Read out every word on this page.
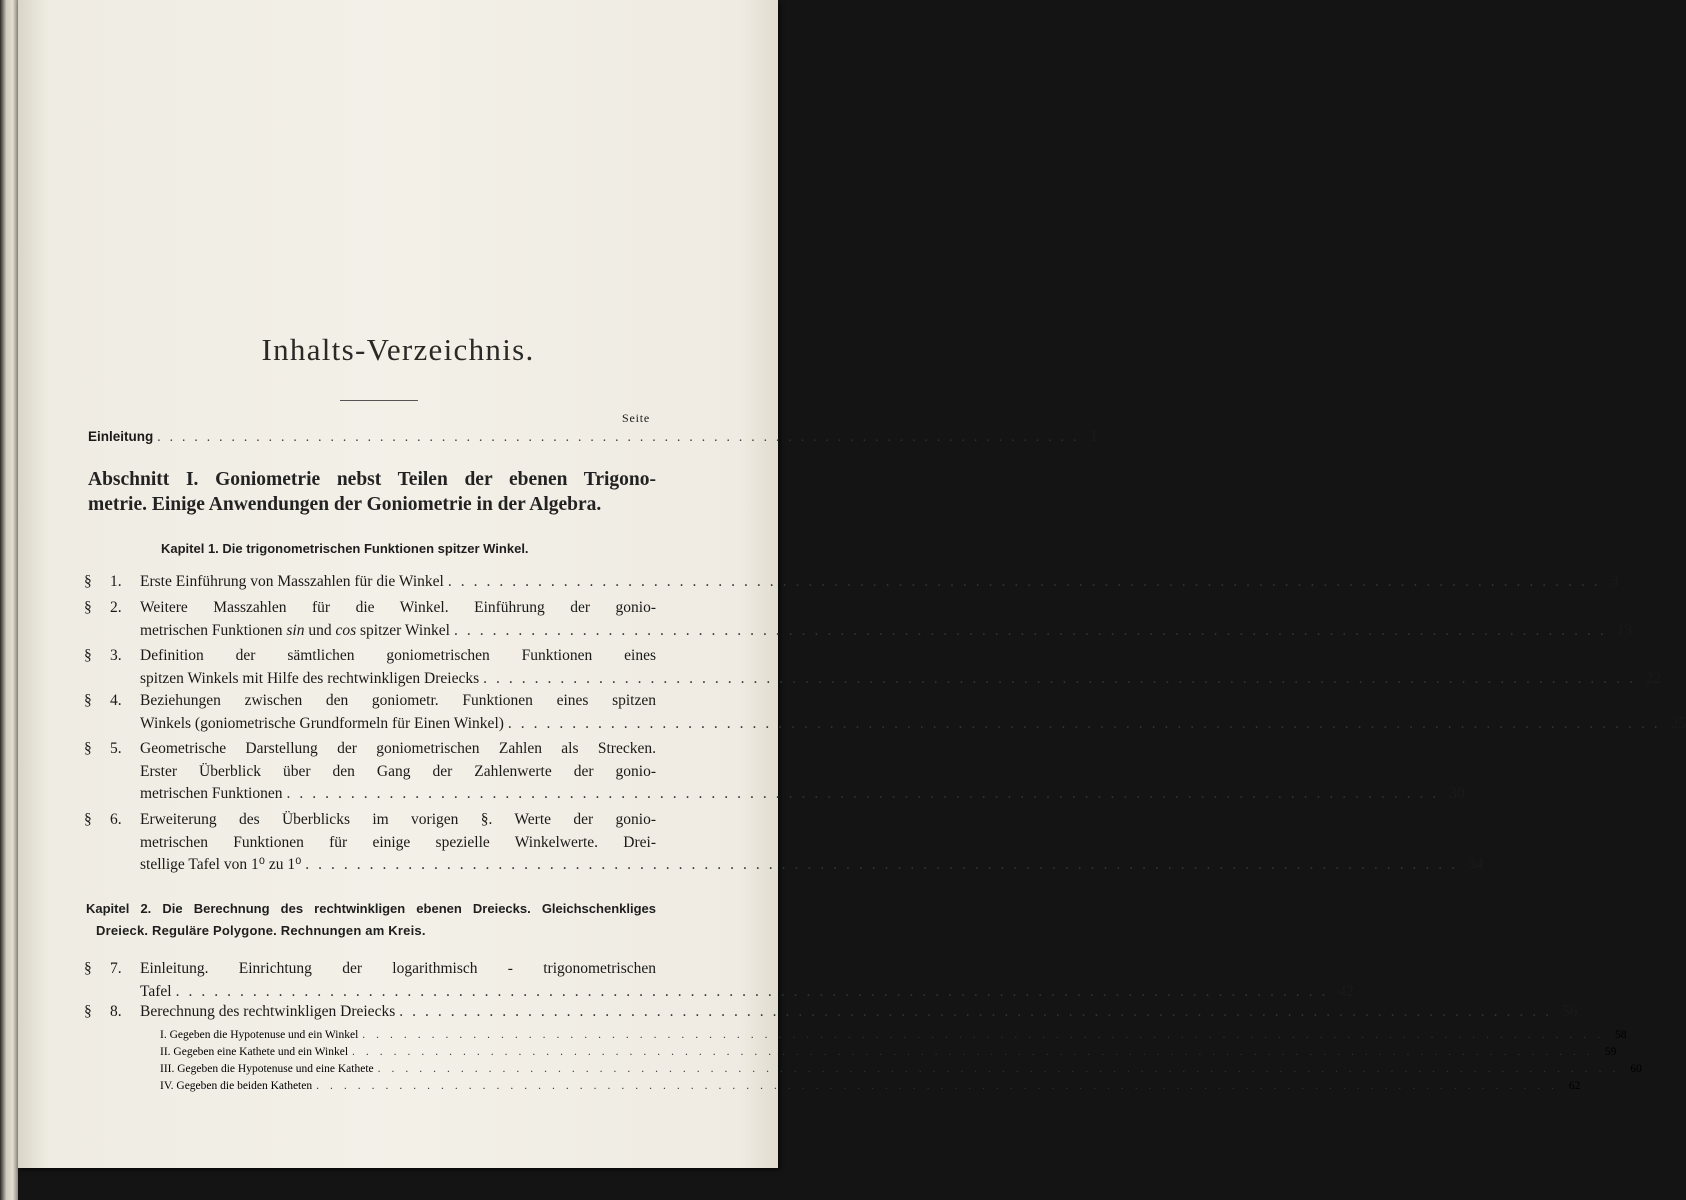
Inhalts-Verzeichnis.
Seite
Einleitung ........................................................................... 1
Abschnitt I. Goniometrie nebst Teilen der ebenen Trigono-
metrie. Einige Anwendungen der Goniometrie in der Algebra.
Kapitel 1. Die trigonometrischen Funktionen spitzer Winkel.
§	1.	Erste Einführung von Masszahlen für die Winkel .......................................................................................... 3
§	2.	Weitere Masszahlen für die Winkel. Einführung der gonio-
metrischen Funktionen sin und cos spitzer Winkel .......................................................................................... 13
§	3.	Definition der sämtlichen goniometrischen Funktionen eines
spitzen Winkels mit Hilfe des rechtwinkligen Dreiecks .......................................................................................... 22
§	4.	Beziehungen zwischen den goniometr. Funktionen eines spitzen
Winkels (goniometrische Grundformeln für Einen Winkel) .......................................................................................... 25
§	5.	Geometrische Darstellung der goniometrischen Zahlen als Strecken.
Erster Überblick über den Gang der Zahlenwerte der gonio-
metrischen Funktionen .......................................................................................... 30
§	6.	Erweiterung des Überblicks im vorigen §. Werte der gonio-
metrischen Funktionen für einige spezielle Winkelwerte. Drei-
stellige Tafel von 1⁰ zu 1⁰ .......................................................................................... 34
Kapitel 2. Die Berechnung des rechtwinkligen ebenen Dreiecks. Gleichschenkliges
Dreieck. Reguläre Polygone. Rechnungen am Kreis.
§	7.	Einleitung. Einrichtung der logarithmisch - trigonometrischen
Tafel .......................................................................................... 42
§	8.	Berechnung des rechtwinkligen Dreiecks .......................................................................................... 56
I. Gegeben die Hypotenuse und ein Winkel .......................................................................................... 58
II. Gegeben eine Kathete und ein Winkel .......................................................................................... 59
III. Gegeben die Hypotenuse und eine Kathete .......................................................................................... 60
IV. Gegeben die beiden Katheten .......................................................................................... 62
